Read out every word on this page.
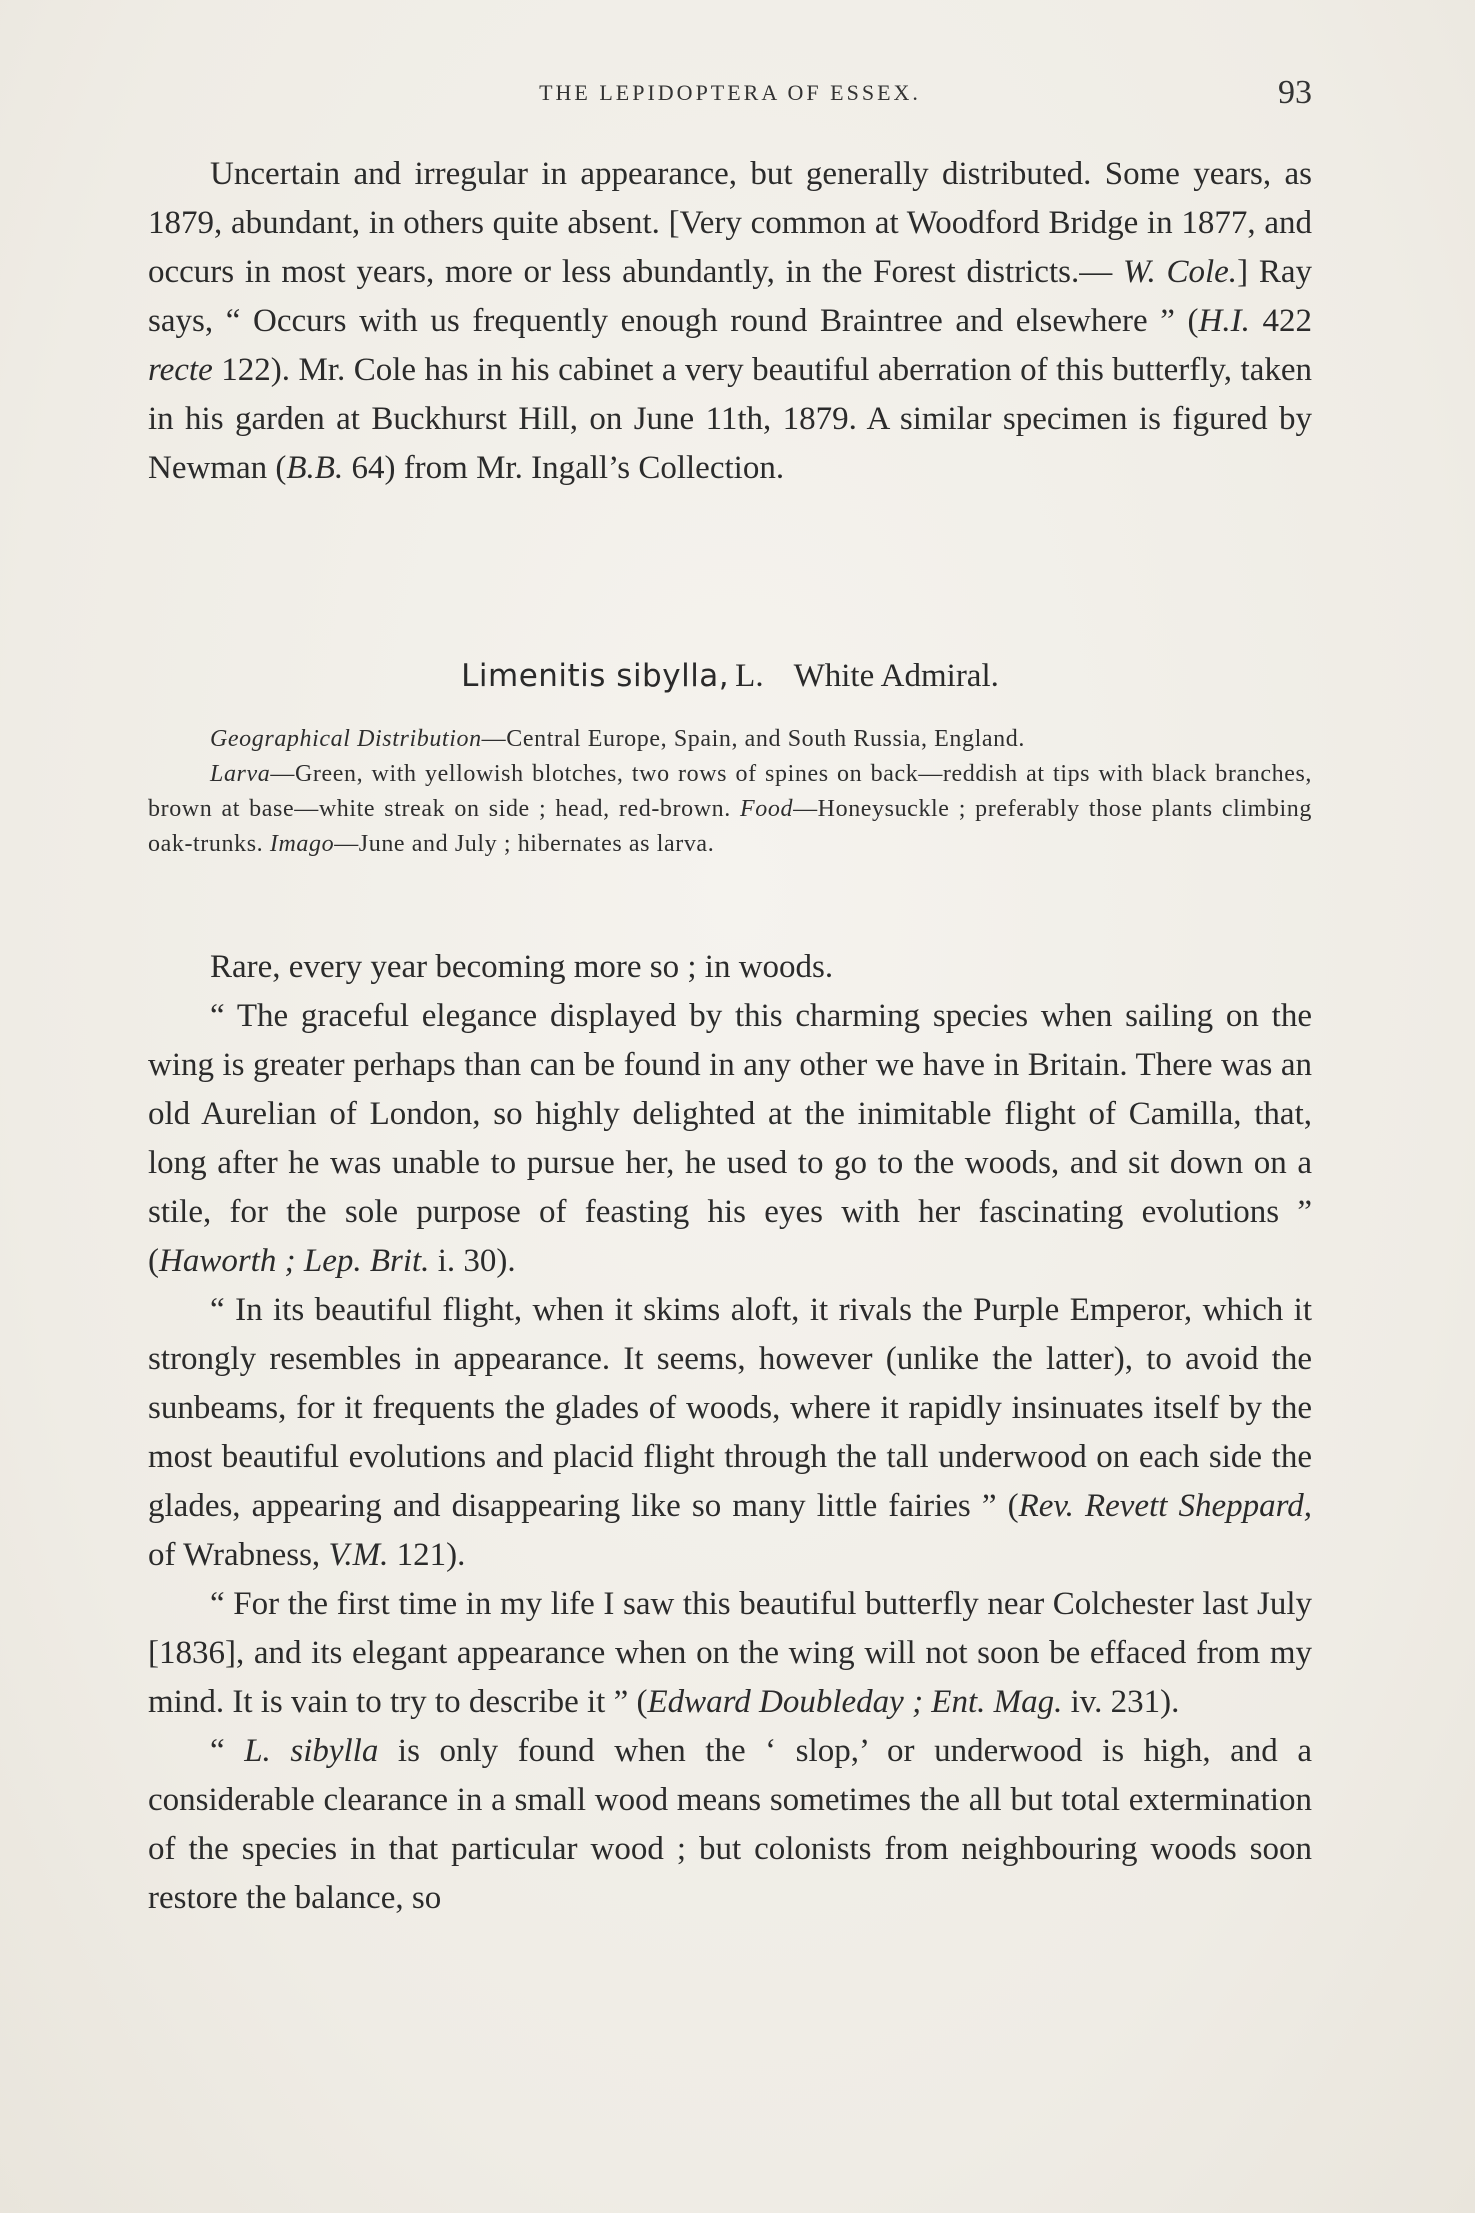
THE LEPIDOPTERA OF ESSEX.	93

Uncertain and irregular in appearance, but generally distributed. Some years, as 1879, abundant, in others quite absent. [Very common at Woodford Bridge in 1877, and occurs in most years, more or less abundantly, in the Forest districts.— W. Cole.] Ray says, “ Occurs with us frequently enough round Braintree and elsewhere ” (H.I. 422 recte 122). Mr. Cole has in his cabinet a very beautiful aberration of this butterfly, taken in his garden at Buckhurst Hill, on June 11th, 1879. A similar specimen is figured by Newman (B.B. 64) from Mr. Ingall’s Collection.

Limenitis sibylla, L. White Admiral.

Geographical Distribution—Central Europe, Spain, and South Russia, England.

Larva—Green, with yellowish blotches, two rows of spines on back—reddish at tips with black branches, brown at base—white streak on side ; head, red-brown. Food—Honeysuckle ; preferably those plants climbing oak-trunks. Imago—June and July ; hibernates as larva.

Rare, every year becoming more so ; in woods.

“ The graceful elegance displayed by this charming species when sailing on the wing is greater perhaps than can be found in any other we have in Britain. There was an old Aurelian of London, so highly delighted at the inimitable flight of Camilla, that, long after he was unable to pursue her, he used to go to the woods, and sit down on a stile, for the sole purpose of feasting his eyes with her fascinating evolutions ” (Haworth ; Lep. Brit. i. 30).

“ In its beautiful flight, when it skims aloft, it rivals the Purple Emperor, which it strongly resembles in appearance. It seems, however (unlike the latter), to avoid the sunbeams, for it frequents the glades of woods, where it rapidly insinuates itself by the most beautiful evolutions and placid flight through the tall underwood on each side the glades, appearing and disappearing like so many little fairies ” (Rev. Revett Sheppard, of Wrabness, V.M. 121).

“ For the first time in my life I saw this beautiful butterfly near Colchester last July [1836], and its elegant appearance when on the wing will not soon be effaced from my mind. It is vain to try to describe it ” (Edward Doubleday ; Ent. Mag. iv. 231).

“ L. sibylla is only found when the ‘ slop,’ or underwood is high, and a considerable clearance in a small wood means sometimes the all but total extermination of the species in that particular wood ; but colonists from neighbouring woods soon restore the balance, so
